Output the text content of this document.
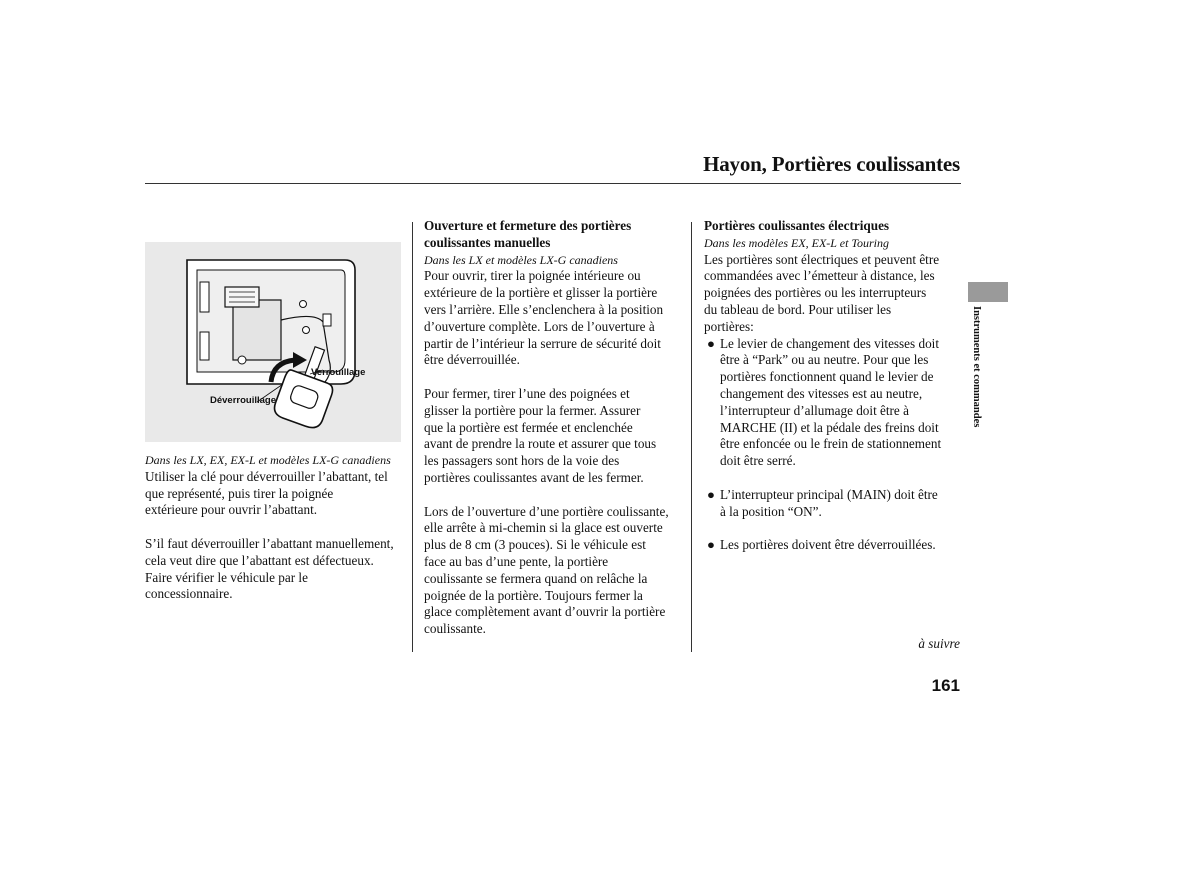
Hayon, Portières coulissantes
Verrouillage
Déverrouillage

Dans les LX, EX, EX-L et modèles LX-G canadiens

Utiliser la clé pour déverrouiller l’abattant, tel
que représenté, puis tirer la poignée
extérieure pour ouvrir l’abattant.

S’il faut déverrouiller l’abattant manuellement,
cela veut dire que l’abattant est défectueux.
Faire vérifier le véhicule par le
concessionnaire.

Ouverture et fermeture des portières
coulissantes manuelles

Dans les LX et modèles LX-G canadiens

Pour ouvrir, tirer la poignée intérieure ou
extérieure de la portière et glisser la portière
vers l’arrière. Elle s’enclenchera à la position
d’ouverture complète. Lors de l’ouverture à
partir de l’intérieur la serrure de sécurité doit
être déverrouillée.

Pour fermer, tirer l’une des poignées et
glisser la portière pour la fermer. Assurer
que la portière est fermée et enclenchée
avant de prendre la route et assurer que tous
les passagers sont hors de la voie des
portières coulissantes avant de les fermer.

Lors de l’ouverture d’une portière coulissante,
elle arrête à mi-chemin si la glace est ouverte
plus de 8 cm (3 pouces). Si le véhicule est
face au bas d’une pente, la portière
coulissante se fermera quand on relâche la
poignée de la portière. Toujours fermer la
glace complètement avant d’ouvrir la portière
coulissante.

Portières coulissantes électriques

Dans les modèles EX, EX-L et Touring

Les portières sont électriques et peuvent être
commandées avec l’émetteur à distance, les
poignées des portières ou les interrupteurs
du tableau de bord. Pour utiliser les
portières:

● Le levier de changement des vitesses doit
être à “Park” ou au neutre. Pour que les
portières fonctionnent quand le levier de
changement des vitesses est au neutre,
l’interrupteur d’allumage doit être à
MARCHE (II) et la pédale des freins doit
être enfoncée ou le frein de stationnement
doit être serré.
● L’interrupteur principal (MAIN) doit être
à la position “ON”.
● Les portières doivent être déverrouillées.
Instruments et commandes
à suivre
161
